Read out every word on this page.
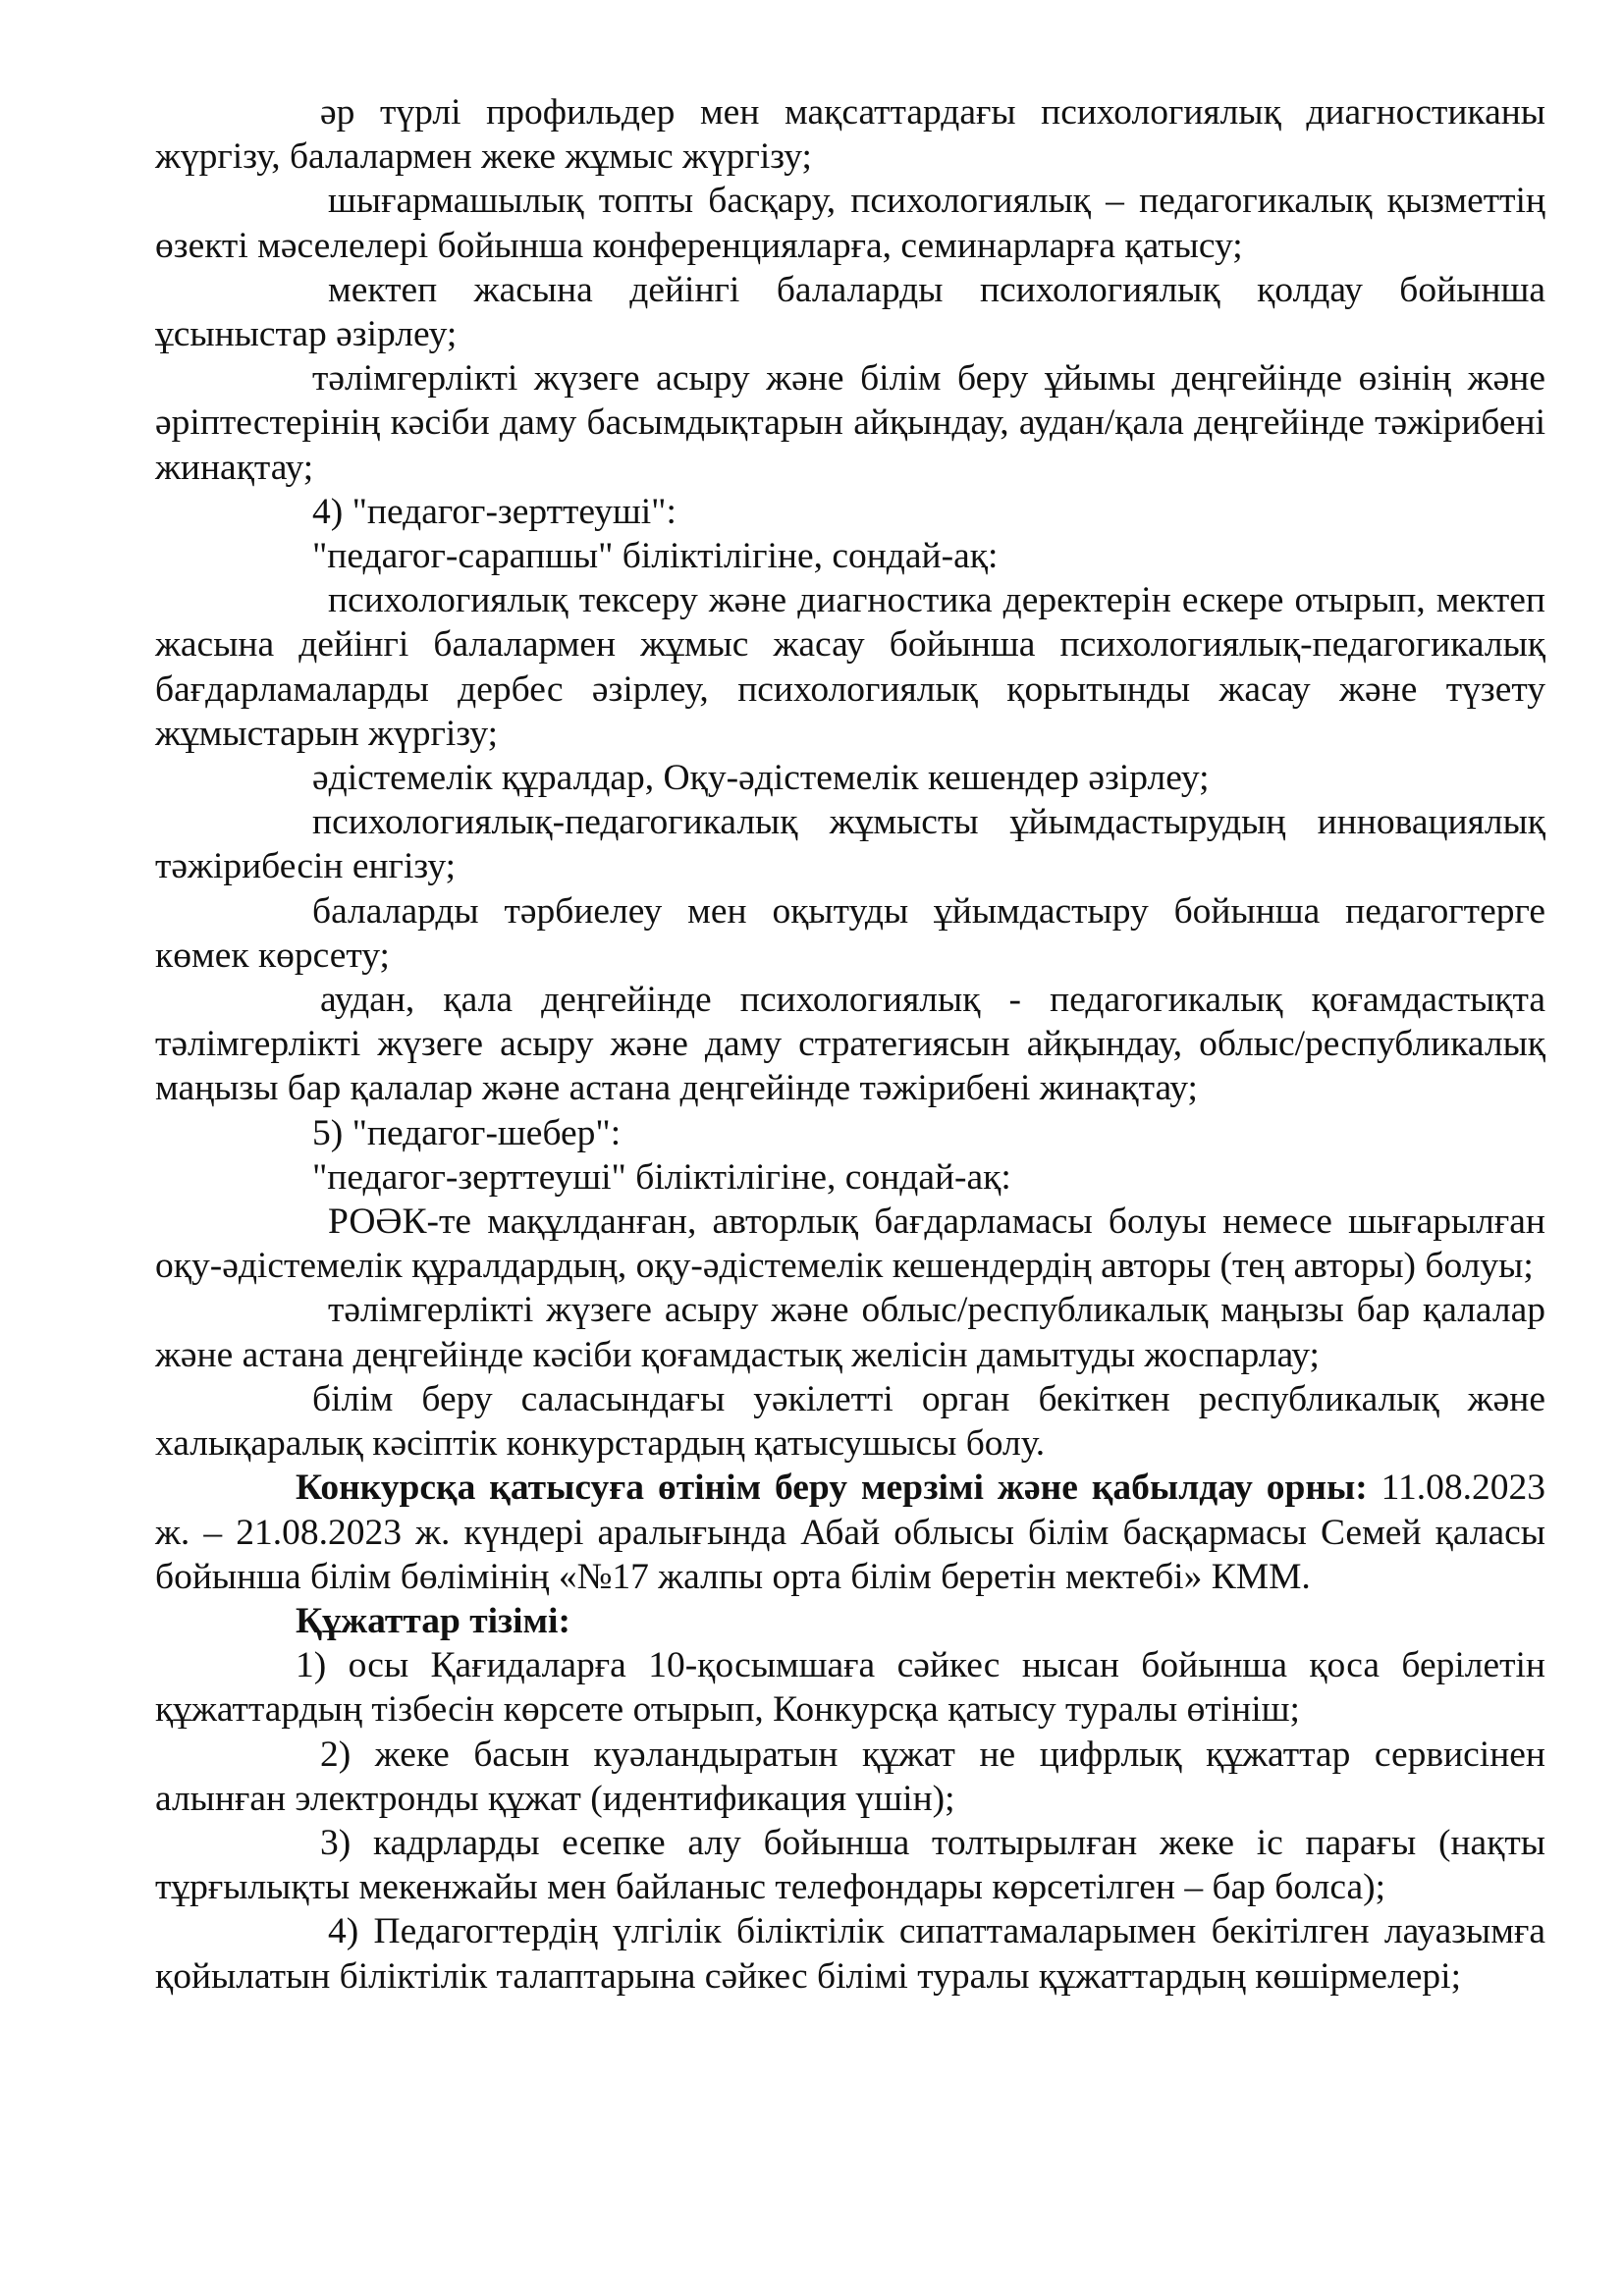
әр түрлі профильдер мен мақсаттардағы психологиялық диагностиканы жүргізу, балалармен жеке жұмыс жүргізу;

шығармашылық топты басқару, психологиялық – педагогикалық қызметтің өзекті мәселелері бойынша конференцияларға, семинарларға қатысу;

мектеп жасына дейінгі балаларды психологиялық қолдау бойынша ұсыныстар әзірлеу;

тәлімгерлікті жүзеге асыру және білім беру ұйымы деңгейінде өзінің және әріптестерінің кәсіби даму басымдықтарын айқындау, аудан/қала деңгейінде тәжірибені жинақтау;

4) "педагог-зерттеуші":

"педагог-сарапшы" біліктілігіне, сондай-ақ:

психологиялық тексеру және диагностика деректерін ескере отырып, мектеп жасына дейінгі балалармен жұмыс жасау бойынша психологиялық-педагогикалық бағдарламаларды дербес әзірлеу, психологиялық қорытынды жасау және түзету жұмыстарын жүргізу;

әдістемелік құралдар, Оқу-әдістемелік кешендер әзірлеу;

психологиялық-педагогикалық жұмысты ұйымдастырудың инновациялық тәжірибесін енгізу;

балаларды тәрбиелеу мен оқытуды ұйымдастыру бойынша педагогтерге көмек көрсету;

аудан, қала деңгейінде психологиялық - педагогикалық қоғамдастықта тәлімгерлікті жүзеге асыру және даму стратегиясын айқындау, облыс/республикалық маңызы бар қалалар және астана деңгейінде тәжірибені жинақтау;

5) "педагог-шебер":

"педагог-зерттеуші" біліктілігіне, сондай-ақ:

РОӘК-те мақұлданған, авторлық бағдарламасы болуы немесе шығарылған оқу-әдістемелік құралдардың, оқу-әдістемелік кешендердің авторы (тең авторы) болуы;

тәлімгерлікті жүзеге асыру және облыс/республикалық маңызы бар қалалар және астана деңгейінде кәсіби қоғамдастық желісін дамытуды жоспарлау;

білім беру саласындағы уәкілетті орган бекіткен республикалық және халықаралық кәсіптік конкурстардың қатысушысы болу.

Конкурсқа қатысуға өтінім беру мерзімі және қабылдау орны: 11.08.2023 ж. – 21.08.2023 ж. күндері аралығында Абай облысы білім басқармасы Семей қаласы бойынша білім бөлімінің «№17 жалпы орта білім беретін мектебі» КММ.

Құжаттар тізімі:

1) осы Қағидаларға 10-қосымшаға сәйкес нысан бойынша қоса берілетін құжаттардың тізбесін көрсете отырып, Конкурсқа қатысу туралы өтініш;

2) жеке басын куәландыратын құжат не цифрлық құжаттар сервисінен алынған электронды құжат (идентификация үшін);

3) кадрларды есепке алу бойынша толтырылған жеке іс парағы (нақты тұрғылықты мекенжайы мен байланыс телефондары көрсетілген – бар болса);

4) Педагогтердің үлгілік біліктілік сипаттамаларымен бекітілген лауазымға қойылатын біліктілік талаптарына сәйкес білімі туралы құжаттардың көшірмелері;
